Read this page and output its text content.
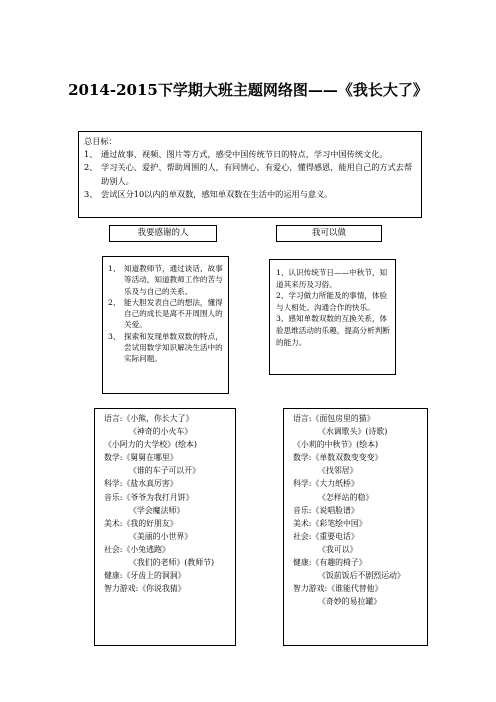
2014-2015下学期大班主题网络图——《我长大了》
总目标：
1、 通过故事、视频、图片等方式，感受中国传统节日的特点，学习中国传统文化。
2、 学习关心、爱护、帮助周围的人，有同情心，有爱心，懂得感恩，能用自己的方式去帮助别人。
3、 尝试区分10以内的单双数，感知单双数在生活中的运用与意义。
我要感谢的人	我可以做
1、 知道教师节，通过谈话、故事等活动，知道教师工作的苦与乐及与自己的关系。
2、 能大胆发表自己的想法，懂得自己的成长是离不开周围人的关爱。
3、 探索和发现单数双数的特点，尝试用数学知识解决生活中的实际问题。
1、认识传统节日——中秋节，知道其来历及习俗。
2、学习做力所能及的事情，体验与人相处、沟通合作的快乐。
3、感知单数双数的互换关系，体验思维活动的乐趣，提高分析判断的能力。
语言:《小熊，你长大了》
《神奇的小火车》
《小阿力的大学校》(绘本)
数学:《舅舅在哪里》
《谁的车子可以开》
科学:《盐水真厉害》
音乐:《爷爷为我打月饼》
《学会魔法师》
美术:《我的好朋友》
《美丽的小世界》
社会:《小兔逃跑》
《我们的老师》(教师节)
健康:《牙齿上的洞洞》
智力游戏:《你说我猜》
语言:《面包房里的猫》
《水调歌头》(诗歌)
《小莉的中秋节》(绘本)
数学:《单数双数变变变》
《找邻居》
科学:《大力纸桥》
《怎样站的稳》
音乐:《说唱脸谱》
美术:《彩笔绘中国》
社会:《重要电话》
《我可以》
健康:《有趣的椅子》
《饭前饭后不剧烈运动》
智力游戏:《谁能代替他》
《奇妙的易拉罐》
